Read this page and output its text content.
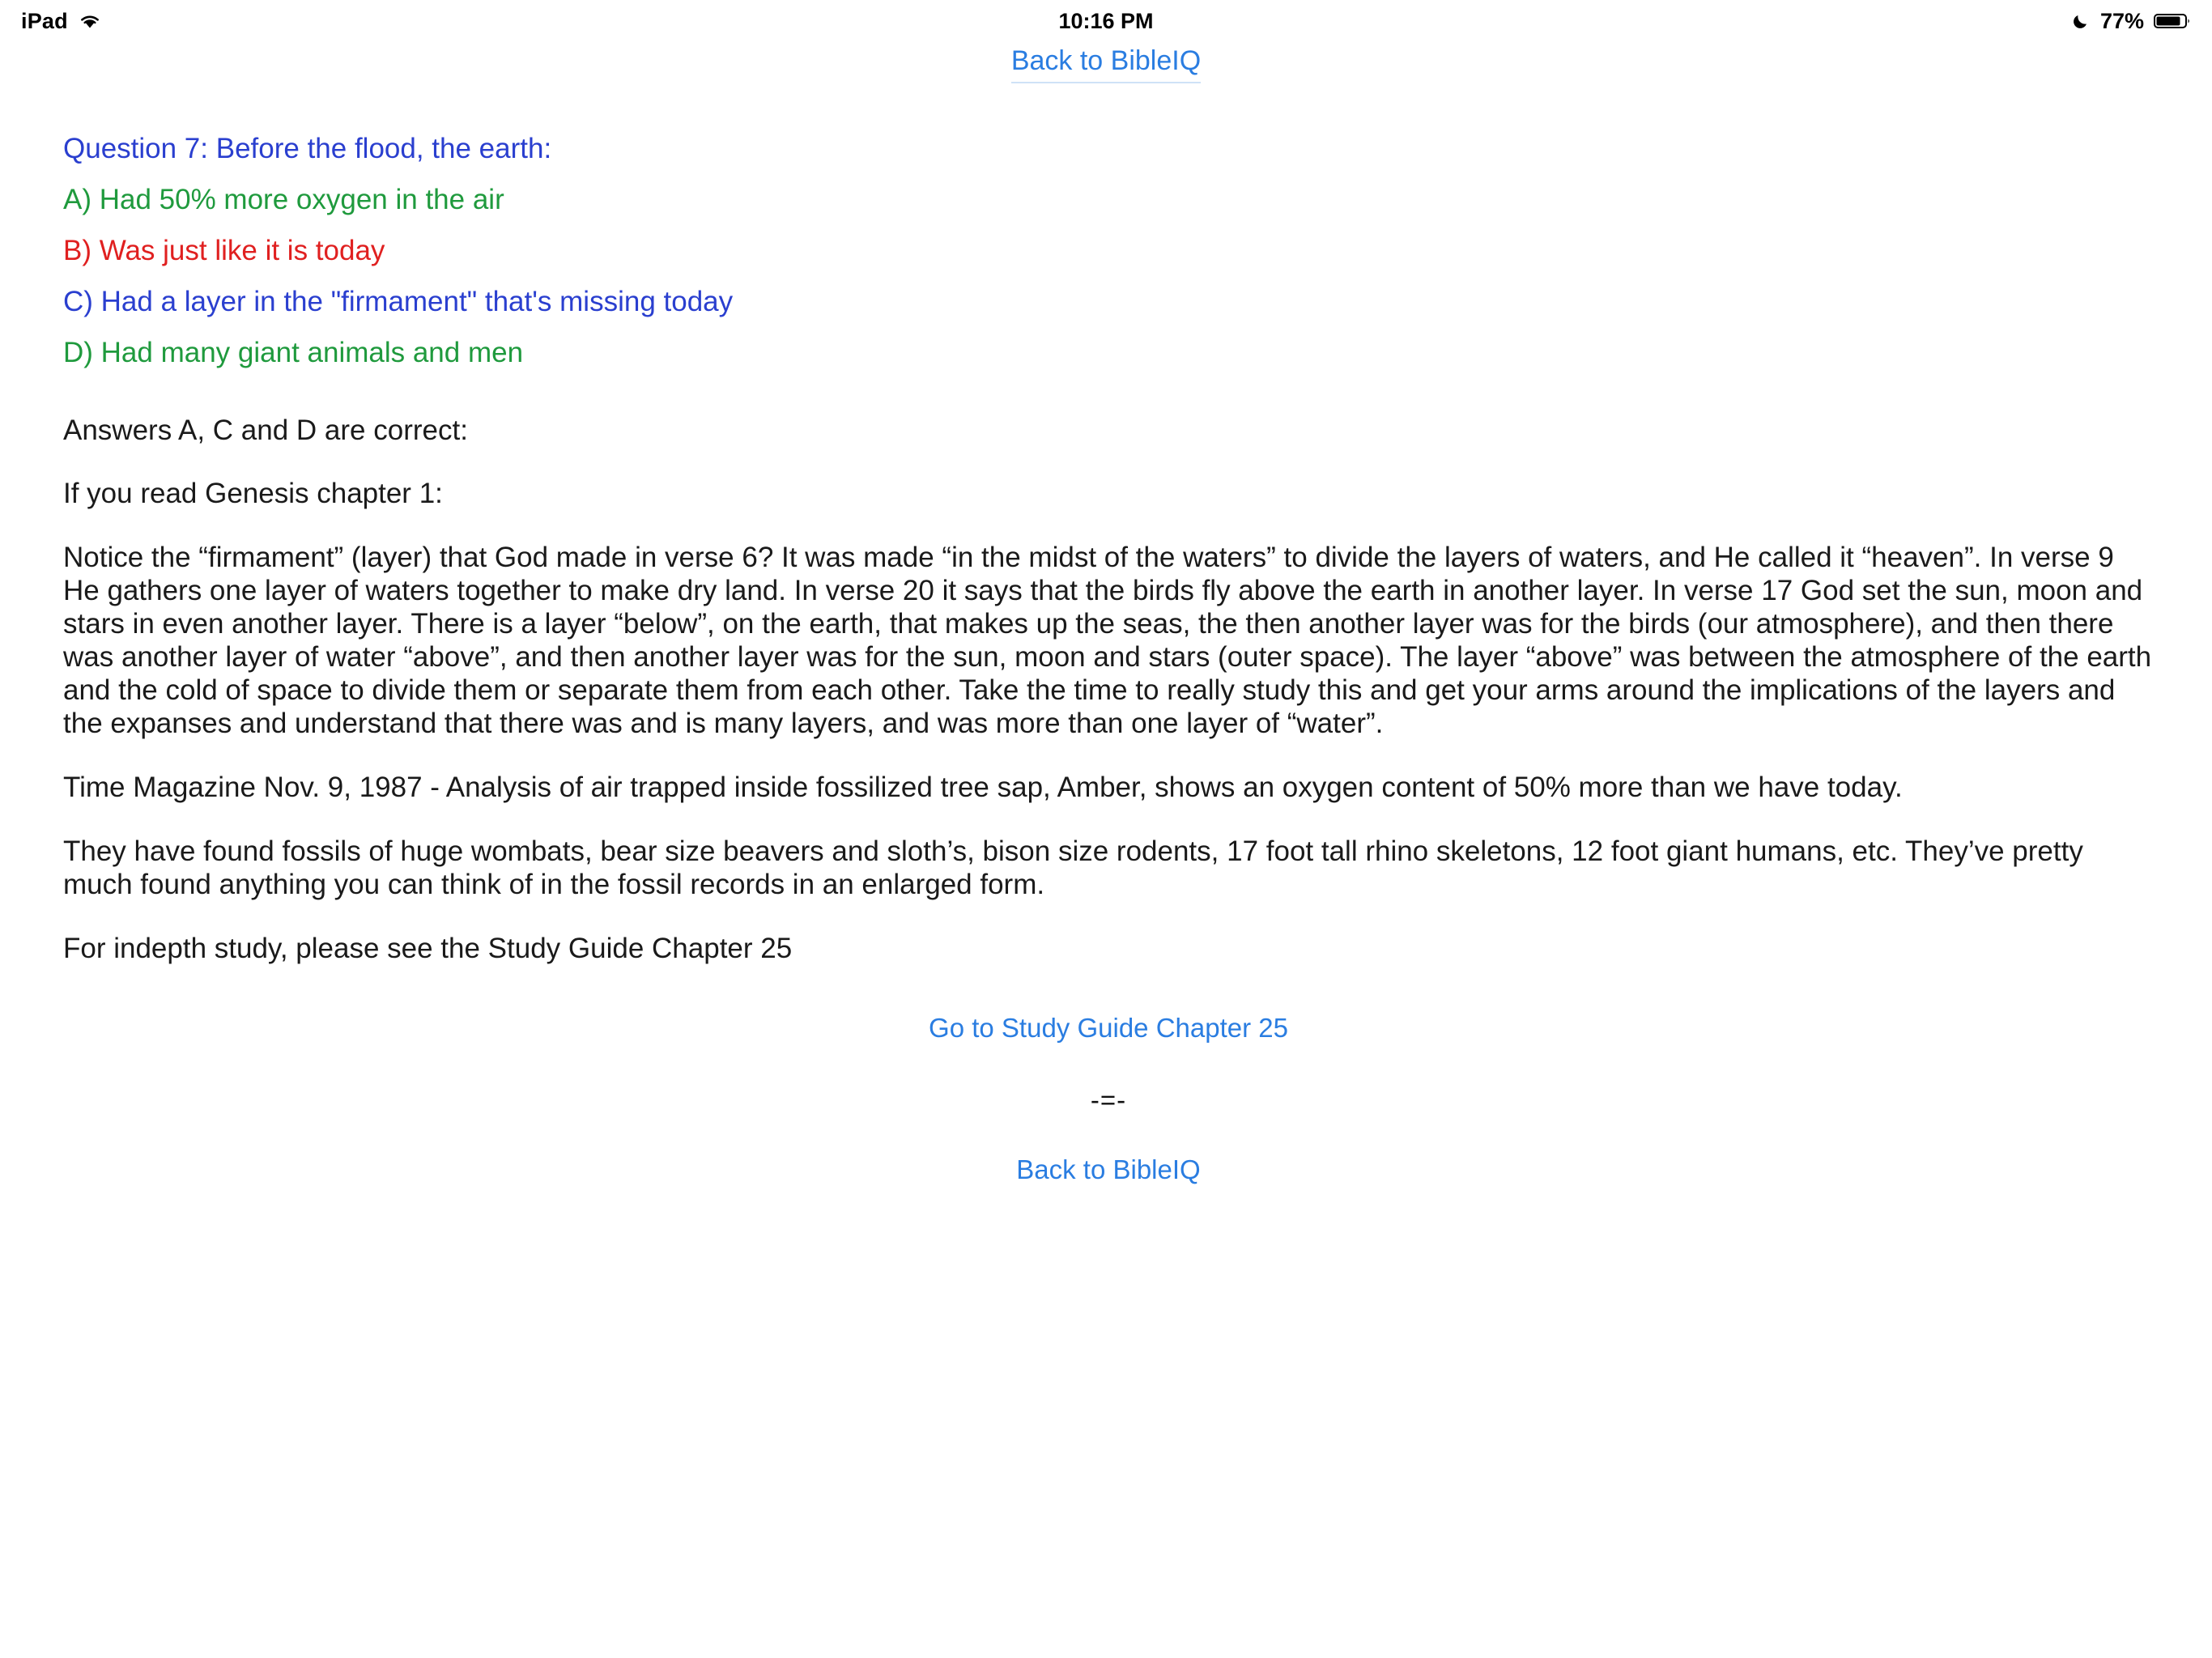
iPad	10:16 PM	77%
Back to BibleIQ
Question 7: Before the flood, the earth:
A) Had 50% more oxygen in the air
B) Was just like it is today
C) Had a layer in the "firmament" that's missing today
D) Had many giant animals and men

Answers A, C and D are correct:

If you read Genesis chapter 1:

Notice the “firmament” (layer) that God made in verse 6? It was made “in the midst of the waters” to divide the layers of waters, and He called it “heaven”. In verse 9 He gathers one layer of waters together to make dry land. In verse 20 it says that the birds fly above the earth in another layer. In verse 17 God set the sun, moon and stars in even another layer. There is a layer “below”, on the earth, that makes up the seas, the then another layer was for the birds (our atmosphere), and then there was another layer of water “above”, and then another layer was for the sun, moon and stars (outer space). The layer “above” was between the atmosphere of the earth and the cold of space to divide them or separate them from each other. Take the time to really study this and get your arms around the implications of the layers and the expanses and understand that there was and is many layers, and was more than one layer of “water”.

Time Magazine Nov. 9, 1987 - Analysis of air trapped inside fossilized tree sap, Amber, shows an oxygen content of 50% more than we have today.

They have found fossils of huge wombats, bear size beavers and sloth’s, bison size rodents, 17 foot tall rhino skeletons, 12 foot giant humans, etc. They’ve pretty much found anything you can think of in the fossil records in an enlarged form.

For indepth study, please see the Study Guide Chapter 25

Go to Study Guide Chapter 25
-=-
Back to BibleIQ
